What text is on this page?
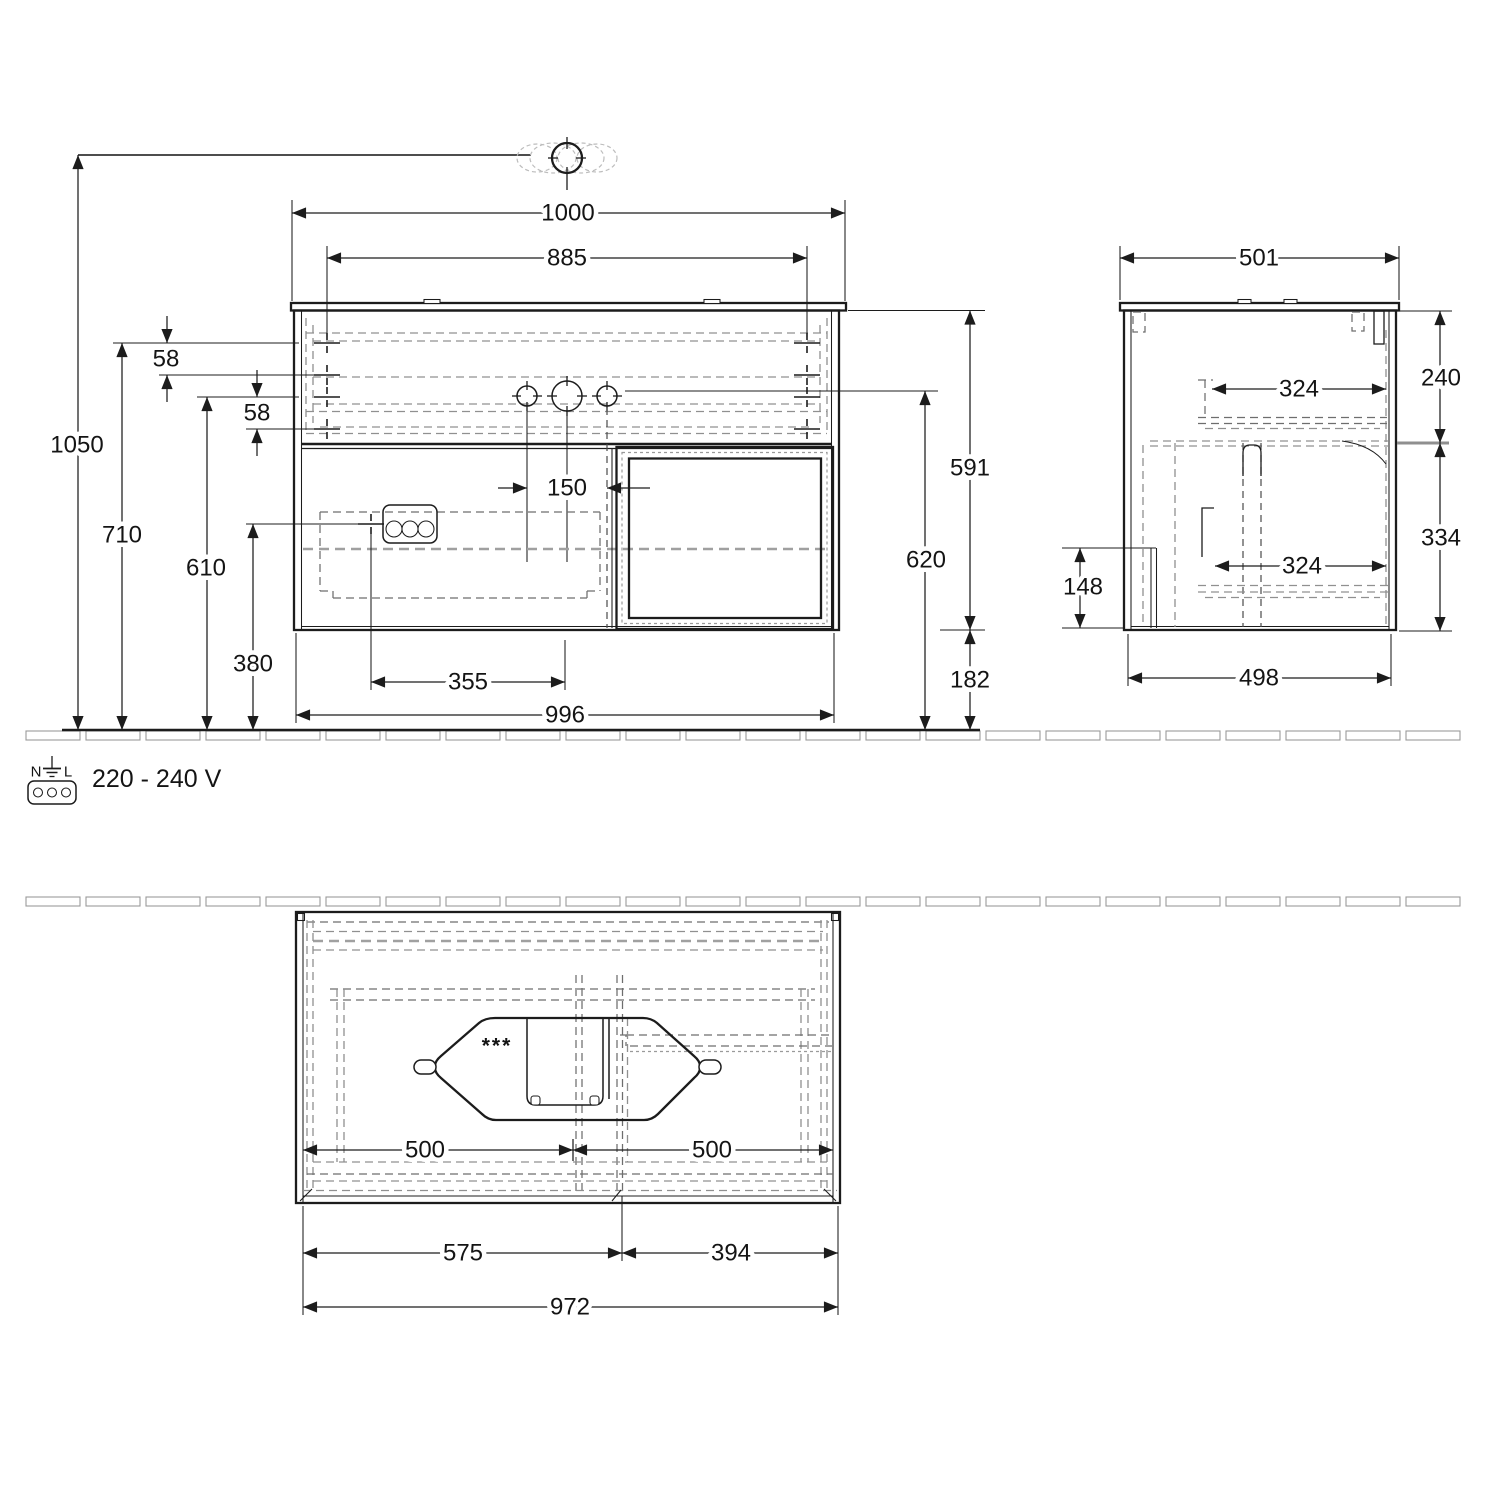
1000
885
1050
710
610
380
58
58
150
355
996
591
620
182
501
324	240
324
334
148
498
N L 220 - 240 V
***
500	500
575	394
972
